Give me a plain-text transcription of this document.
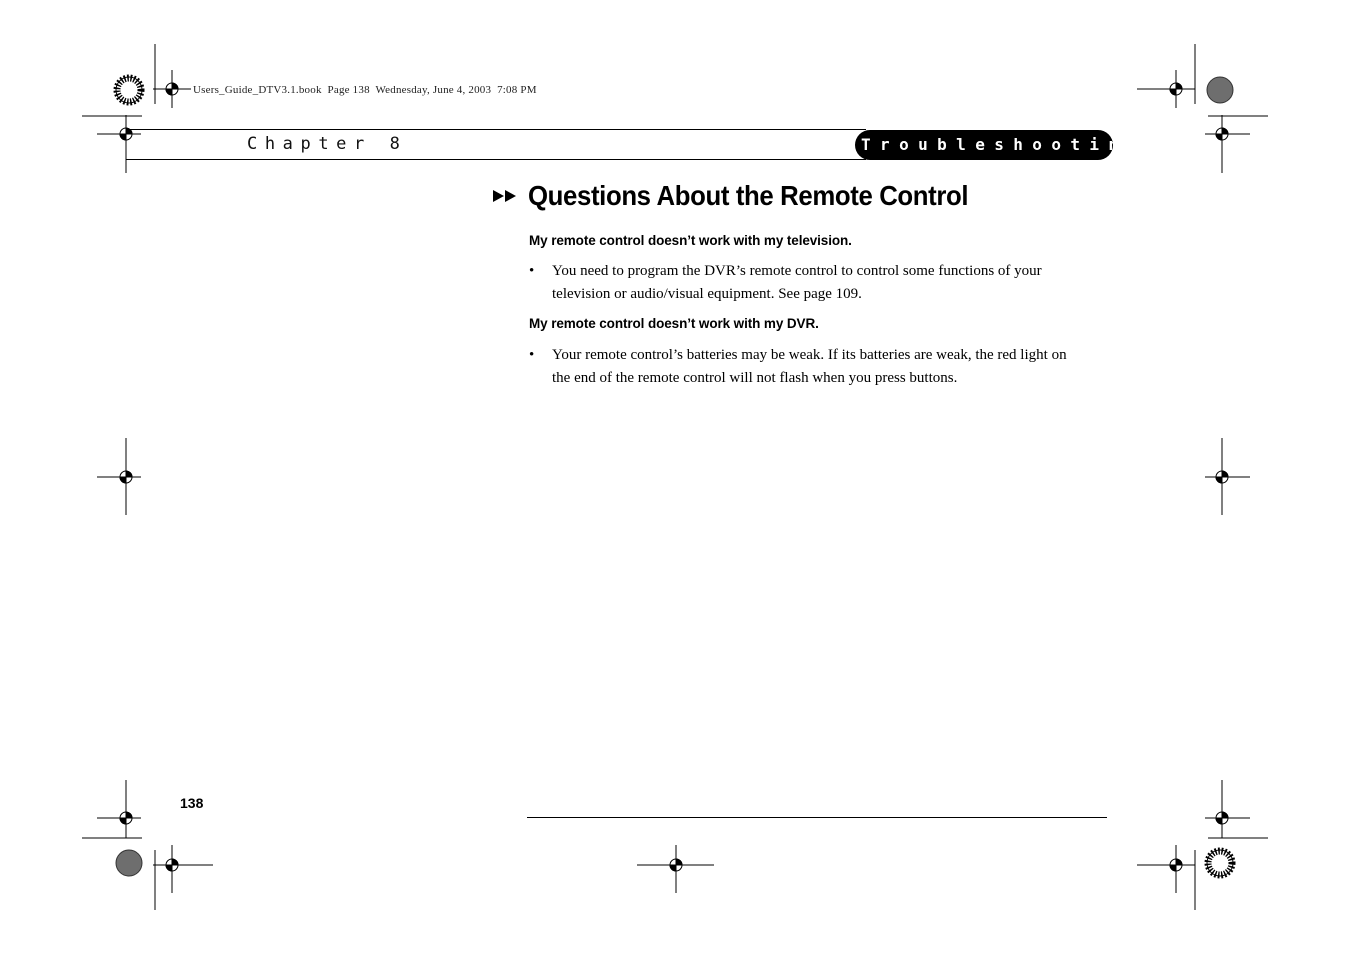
Users_Guide_DTV3.1.book  Page 138  Wednesday, June 4, 2003  7:08 PM
Chapter 8	Troubleshooting
Questions About the Remote Control
My remote control doesn’t work with my television.
• You need to program the DVR’s remote control to control some functions of your
television or audio/visual equipment. See page 109.
My remote control doesn’t work with my DVR.
• Your remote control’s batteries may be weak. If its batteries are weak, the red light on
the end of the remote control will not flash when you press buttons.
138
